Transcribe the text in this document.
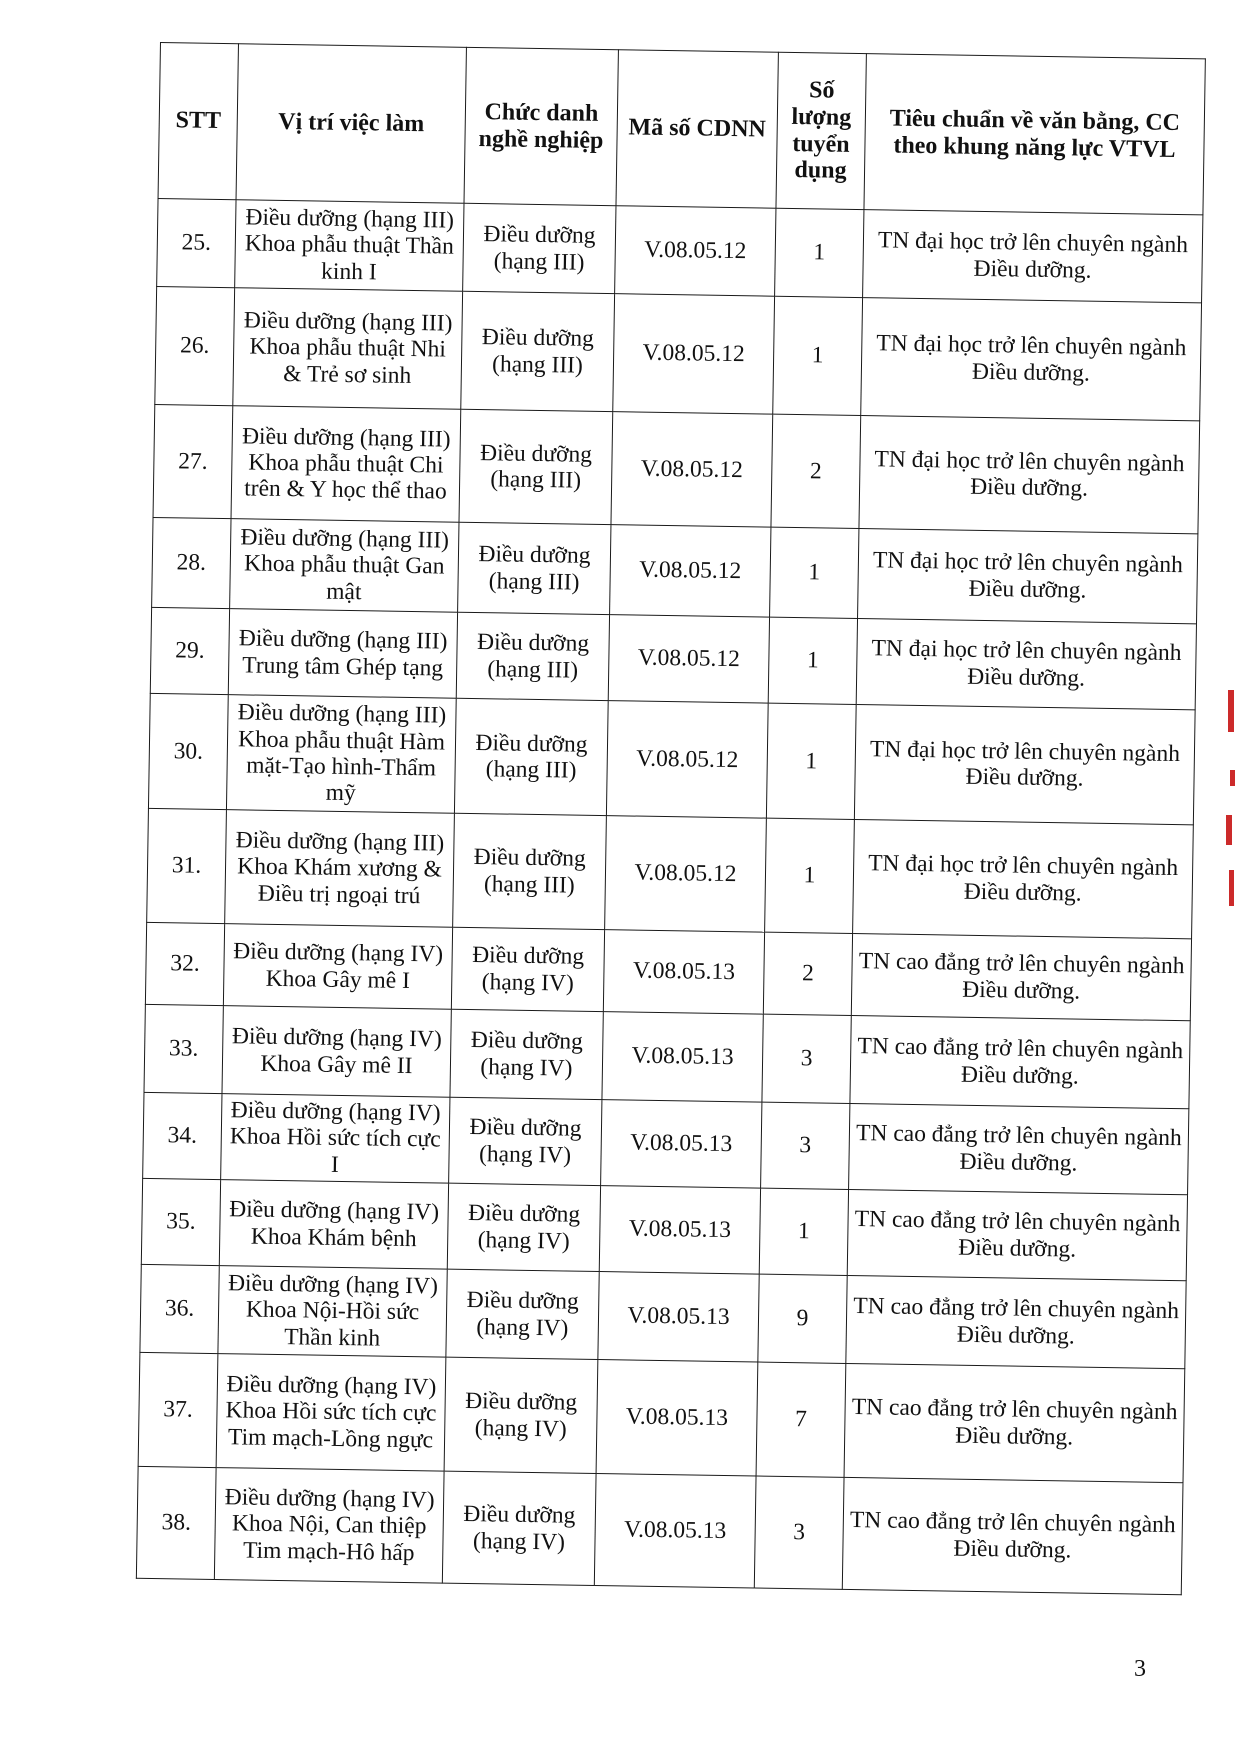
STT	Vị trí việc làm	Chức danh nghề nghiệp	Mã số CDNN	Số lượng tuyển dụng	Tiêu chuẩn về văn bằng, CC theo khung năng lực VTVL
25.	Điều dưỡng (hạng III) Khoa phẫu thuật Thần kinh I	Điều dưỡng (hạng III)	V.08.05.12	1	TN đại học trở lên chuyên ngành Điều dưỡng.
26.	Điều dưỡng (hạng III) Khoa phẫu thuật Nhi & Trẻ sơ sinh	Điều dưỡng (hạng III)	V.08.05.12	1	TN đại học trở lên chuyên ngành Điều dưỡng.
27.	Điều dưỡng (hạng III) Khoa phẫu thuật Chi trên & Y học thể thao	Điều dưỡng (hạng III)	V.08.05.12	2	TN đại học trở lên chuyên ngành Điều dưỡng.
28.	Điều dưỡng (hạng III) Khoa phẫu thuật Gan mật	Điều dưỡng (hạng III)	V.08.05.12	1	TN đại học trở lên chuyên ngành Điều dưỡng.
29.	Điều dưỡng (hạng III) Trung tâm Ghép tạng	Điều dưỡng (hạng III)	V.08.05.12	1	TN đại học trở lên chuyên ngành Điều dưỡng.
30.	Điều dưỡng (hạng III) Khoa phẫu thuật Hàm mặt-Tạo hình-Thẩm mỹ	Điều dưỡng (hạng III)	V.08.05.12	1	TN đại học trở lên chuyên ngành Điều dưỡng.
31.	Điều dưỡng (hạng III) Khoa Khám xương & Điều trị ngoại trú	Điều dưỡng (hạng III)	V.08.05.12	1	TN đại học trở lên chuyên ngành Điều dưỡng.
32.	Điều dưỡng (hạng IV) Khoa Gây mê I	Điều dưỡng (hạng IV)	V.08.05.13	2	TN cao đẳng trở lên chuyên ngành Điều dưỡng.
33.	Điều dưỡng (hạng IV) Khoa Gây mê II	Điều dưỡng (hạng IV)	V.08.05.13	3	TN cao đẳng trở lên chuyên ngành Điều dưỡng.
34.	Điều dưỡng (hạng IV) Khoa Hồi sức tích cực I	Điều dưỡng (hạng IV)	V.08.05.13	3	TN cao đẳng trở lên chuyên ngành Điều dưỡng.
35.	Điều dưỡng (hạng IV) Khoa Khám bệnh	Điều dưỡng (hạng IV)	V.08.05.13	1	TN cao đẳng trở lên chuyên ngành Điều dưỡng.
36.	Điều dưỡng (hạng IV) Khoa Nội-Hồi sức Thần kinh	Điều dưỡng (hạng IV)	V.08.05.13	9	TN cao đẳng trở lên chuyên ngành Điều dưỡng.
37.	Điều dưỡng (hạng IV) Khoa Hồi sức tích cực Tim mạch-Lồng ngực	Điều dưỡng (hạng IV)	V.08.05.13	7	TN cao đẳng trở lên chuyên ngành Điều dưỡng.
38.	Điều dưỡng (hạng IV) Khoa Nội, Can thiệp Tim mạch-Hô hấp	Điều dưỡng (hạng IV)	V.08.05.13	3	TN cao đẳng trở lên chuyên ngành Điều dưỡng.
3
